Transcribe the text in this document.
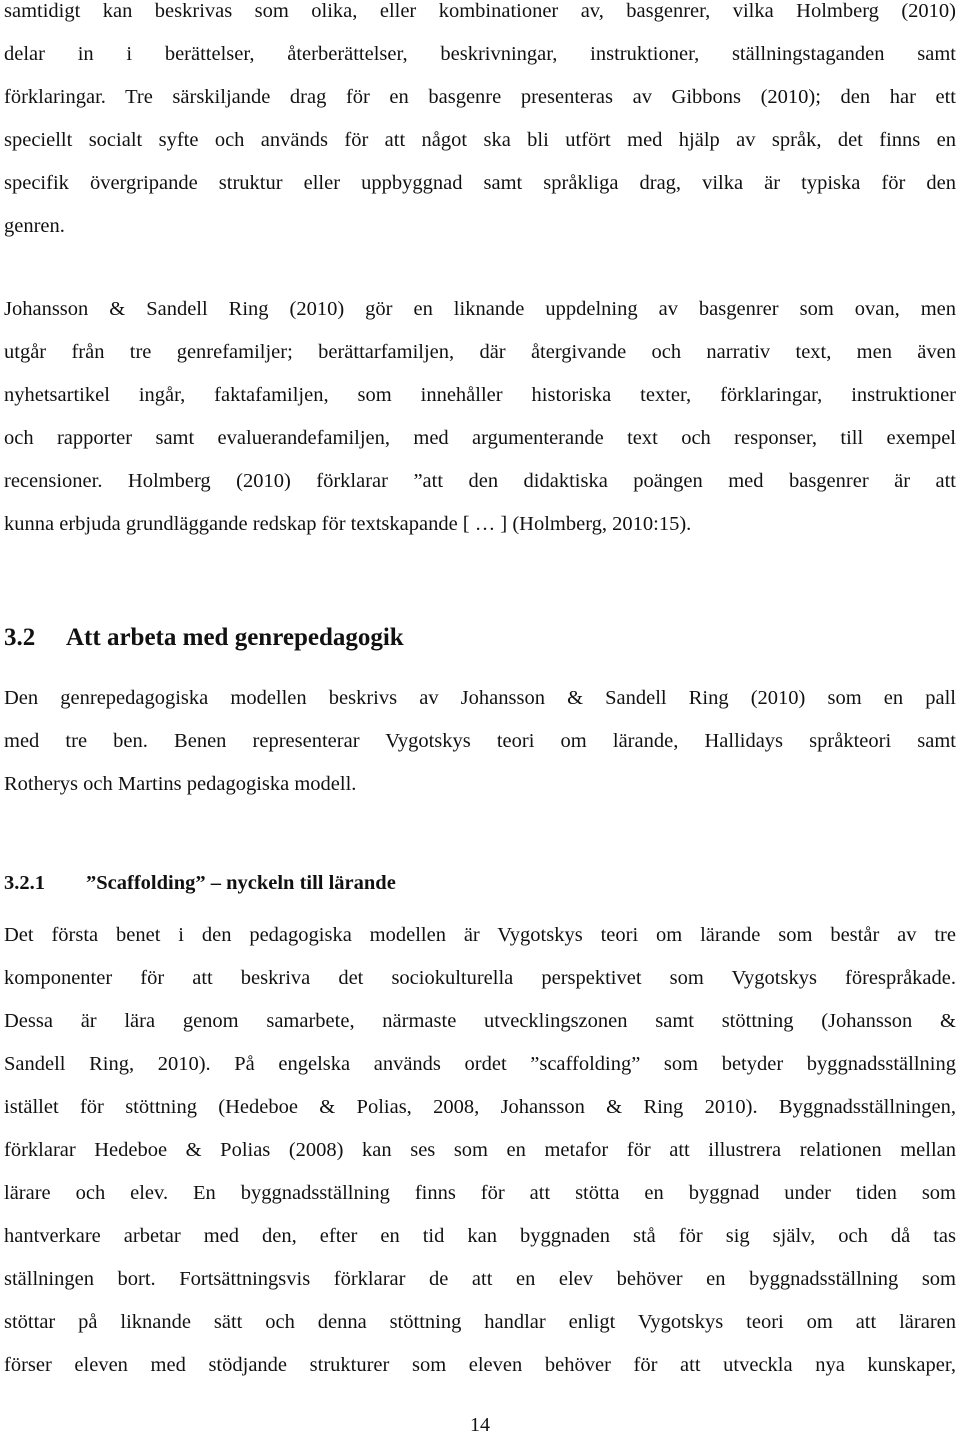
samtidigt kan beskrivas som olika, eller kombinationer av, basgenrer, vilka Holmberg (2010)
delar in i berättelser, återberättelser, beskrivningar, instruktioner, ställningstaganden samt
förklaringar. Tre särskiljande drag för en basgenre presenteras av Gibbons (2010); den har ett
speciellt socialt syfte och används för att något ska bli utfört med hjälp av språk, det finns en
specifik övergripande struktur eller uppbyggnad samt språkliga drag, vilka är typiska för den
genren.
Johansson & Sandell Ring (2010) gör en liknande uppdelning av basgenrer som ovan, men
utgår från tre genrefamiljer; berättarfamiljen, där återgivande och narrativ text, men även
nyhetsartikel ingår, faktafamiljen, som innehåller historiska texter, förklaringar, instruktioner
och rapporter samt evaluerandefamiljen, med argumenterande text och responser, till exempel
recensioner. Holmberg (2010) förklarar ”att den didaktiska poängen med basgenrer är att
kunna erbjuda grundläggande redskap för textskapande [ … ] (Holmberg, 2010:15).
3.2 Att arbeta med genrepedagogik
Den genrepedagogiska modellen beskrivs av Johansson & Sandell Ring (2010) som en pall
med tre ben. Benen representerar Vygotskys teori om lärande, Hallidays språkteori samt
Rotherys och Martins pedagogiska modell.
3.2.1 ”Scaffolding” – nyckeln till lärande
Det första benet i den pedagogiska modellen är Vygotskys teori om lärande som består av tre
komponenter för att beskriva det sociokulturella perspektivet som Vygotskys förespråkade.
Dessa är lära genom samarbete, närmaste utvecklingszonen samt stöttning (Johansson &
Sandell Ring, 2010). På engelska används ordet ”scaffolding” som betyder byggnadsställning
istället för stöttning (Hedeboe & Polias, 2008, Johansson & Ring 2010). Byggnadsställningen,
förklarar Hedeboe & Polias (2008) kan ses som en metafor för att illustrera relationen mellan
lärare och elev. En byggnadsställning finns för att stötta en byggnad under tiden som
hantverkare arbetar med den, efter en tid kan byggnaden stå för sig själv, och då tas
ställningen bort. Fortsättningsvis förklarar de att en elev behöver en byggnadsställning som
stöttar på liknande sätt och denna stöttning handlar enligt Vygotskys teori om att läraren
förser eleven med stödjande strukturer som eleven behöver för att utveckla nya kunskaper,
14
